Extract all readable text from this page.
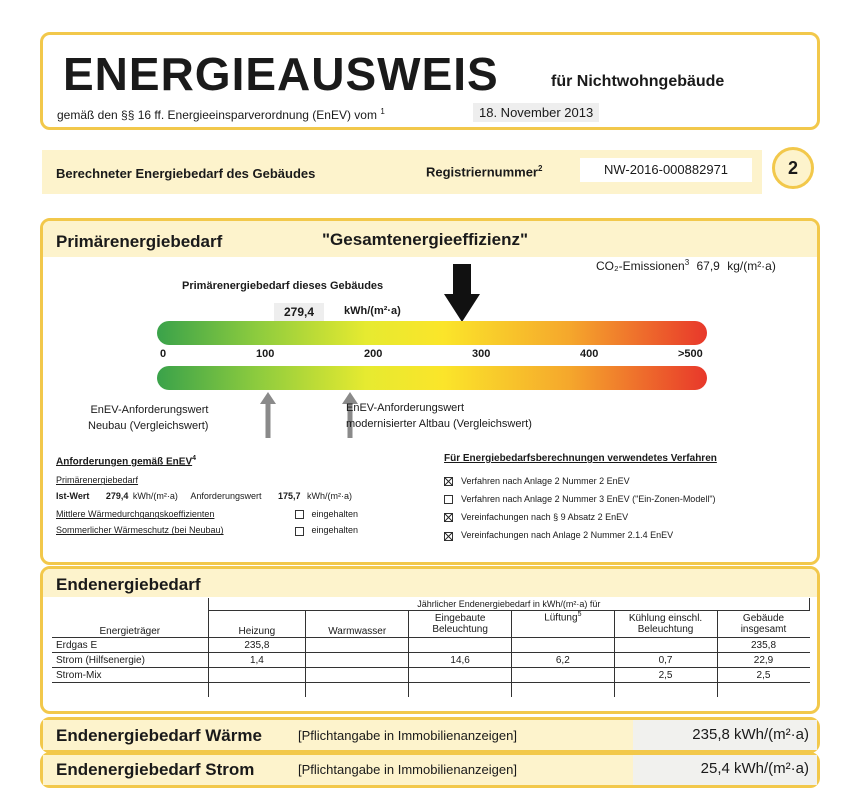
ENERGIEAUSWEIS	für Nichtwohngebäude
gemäß den §§ 16 ff. Energieeinsparverordnung (EnEV) vom $^1$	18. November 2013
Berechneter Energiebedarf des Gebäudes	Registriernummer$^2$	NW-2016-000882971	2
Primärenergiebedarf	"Gesamtenergieeffizienz"
CO₂-Emissionen$^3$ 67,9 kg/(m²·a)
Primärenergiebedarf dieses Gebäudes
279,4	kWh/(m²·a)
0	100	200	300	400	>500
EnEV-Anforderungswert
Neubau (Vergleichswert)
EnEV-Anforderungswert
modernisierter Altbau (Vergleichswert)
Anforderungen gemäß EnEV$^4$
Primärenergiebedarf
Ist-Wert 279,4 kWh/(m²·a) Anforderungswert 175,7 kWh/(m²·a)
Mittlere Wärmedurchgangskoeffizienten	eingehalten
Sommerlicher Wärmeschutz (bei Neubau)	eingehalten
Für Energiebedarfsberechnungen verwendetes Verfahren
Verfahren nach Anlage 2 Nummer 2 EnEV
Verfahren nach Anlage 2 Nummer 3 EnEV ("Ein-Zonen-Modell")
Vereinfachungen nach § 9 Absatz 2 EnEV
Vereinfachungen nach Anlage 2 Nummer 2.1.4 EnEV
Endenergiebedarf
Energieträger	Jährlicher Endenergiebedarf in kWh/(m²·a) für					
	Heizung	Warmwasser	Eingebaute Beleuchtung	Lüftung$^5$	Kühlung einschl. Beleuchtung	Gebäude insgesamt
Erdgas E	235,8					235,8
Strom (Hilfsenergie)	1,4		14,6	6,2	0,7	22,9
Strom-Mix					2,5	2,5

Endenergiebedarf Wärme	[Pflichtangabe in Immobilienanzeigen]	235,8 kWh/(m²·a)
Endenergiebedarf Strom	[Pflichtangabe in Immobilienanzeigen]	25,4 kWh/(m²·a)
